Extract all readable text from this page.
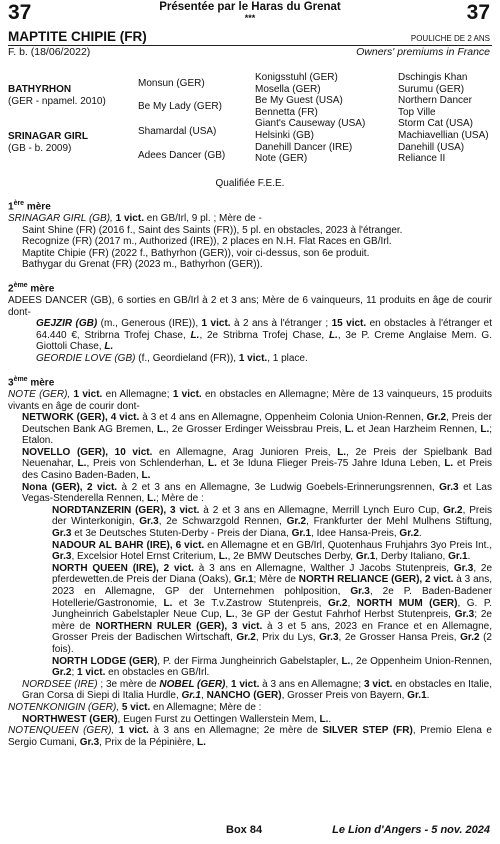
37	37
Présentée par le Haras du Grenat
***
MAPTITE CHIPIE (FR)	POULICHE DE 2 ANS
F. b. (18/06/2022)	Owners' premiums in France
BATHYRHON
(GER - npamel. 2010)
SRINAGAR GIRL
(GB - b. 2009)
Monsun (GER)
Be My Lady (GER)
Shamardal (USA)
Adees Dancer (GB)
Konigsstuhl (GER)
Mosella (GER)
Be My Guest (USA)
Bennetta (FR)
Giant's Causeway (USA)
Helsinki (GB)
Danehill Dancer (IRE)
Note (GER)
Dschingis Khan
Surumu (GER)
Northern Dancer
Top Ville
Storm Cat (USA)
Machiavellian (USA)
Danehill (USA)
Reliance II
Qualifiée F.E.E.

1ère mère

SRINAGAR GIRL (GB), 1 vict. en GB/Irl, 9 pl. ; Mère de -

Saint Shine (FR) (2016 f., Saint des Saints (FR)), 5 pl. en obstacles, 2023 à l'étranger.

Recognize (FR) (2017 m., Authorized (IRE)), 2 places en N.H. Flat Races en GB/Irl.

Maptite Chipie (FR) (2022 f., Bathyrhon (GER)), voir ci-dessus, son 6e produit.

Bathygar du Grenat (FR) (2023 m., Bathyrhon (GER)).

2ème mère

ADEES DANCER (GB), 6 sorties en GB/Irl à 2 et 3 ans; Mère de 6 vainqueurs, 11 produits en âge de courir dont-

GEJZIR (GB) (m., Generous (IRE)), 1 vict. à 2 ans à l'étranger ; 15 vict. en obstacles à l'étranger et 64.440 €, Stribrna Trofej Chase, L., 2e Stribrna Trofej Chase, L., 3e P. Creme Anglaise Mem. G. Giottoli Chase, L.

GEORDIE LOVE (GB) (f., Geordieland (FR)), 1 vict., 1 place.

3ème mère

NOTE (GER), 1 vict. en Allemagne; 1 vict. en obstacles en Allemagne; Mère de 13 vainqueurs, 15 produits vivants en âge de courir dont-

NETWORK (GER), 4 vict. à 3 et 4 ans en Allemagne, Oppenheim Colonia Union-Rennen, Gr.2, Preis der Deutschen Bank AG Bremen, L., 2e Grosser Erdinger Weissbrau Preis, L. et Jean Harzheim Rennen, L.; Etalon.

NOVELLO (GER), 10 vict. en Allemagne, Arag Junioren Preis, L., 2e Preis der Spielbank Bad Neuenahar, L., Preis von Schlenderhan, L. et 3e Iduna Flieger Preis-75 Jahre Iduna Leben, L. et Preis des Casino Baden-Baden, L.

Nona (GER), 2 vict. à 2 et 3 ans en Allemagne, 3e Ludwig Goebels-Erinnerungsrennen, Gr.3 et Las Vegas-Stenderella Rennen, L.; Mère de :

NORDTANZERIN (GER), 3 vict. à 2 et 3 ans en Allemagne, Merrill Lynch Euro Cup, Gr.2, Preis der Winterkonigin, Gr.3, 2e Schwarzgold Rennen, Gr.2, Frankfurter der Mehl Mulhens Stiftung, Gr.3 et 3e Deutsches Stuten-Derby - Preis der Diana, Gr.1, Idee Hansa-Preis, Gr.2.

NADOUR AL BAHR (IRE), 6 vict. en Allemagne et en GB/Irl, Quotenhaus Fruhjahrs 3yo Preis Int., Gr.3, Excelsior Hotel Ernst Criterium, L., 2e BMW Deutsches Derby, Gr.1, Derby Italiano, Gr.1.

NORTH QUEEN (IRE), 2 vict. à 3 ans en Allemagne, Walther J Jacobs Stutenpreis, Gr.3, 2e pferdewetten.de Preis der Diana (Oaks), Gr.1; Mère de NORTH RELIANCE (GER), 2 vict. à 3 ans, 2023 en Allemagne, GP der Unternehmen pohlposition, Gr.3, 2e P. Baden-Badener Hotellerie/Gastronomie, L. et 3e T.v.Zastrow Stutenpreis, Gr.2, NORTH MUM (GER), G. P. Jungheinrich Gabelstapler Neue Cup, L., 3e GP der Gestut Fahrhof Herbst Stutenpreis, Gr.3; 2e mère de NORTHERN RULER (GER), 3 vict. à 3 et 5 ans, 2023 en France et en Allemagne, Grosser Preis der Badischen Wirtschaft, Gr.2, Prix du Lys, Gr.3, 2e Grosser Hansa Preis, Gr.2 (2 fois).

NORTH LODGE (GER), P. der Firma Jungheinrich Gabelstapler, L., 2e Oppenheim Union-Rennen, Gr.2; 1 vict. en obstacles en GB/Irl.

NORDSEE (IRE) ; 3e mère de NOBEL (GER), 1 vict. à 3 ans en Allemagne; 3 vict. en obstacles en Italie, Gran Corsa di Siepi di Italia Hurdle, Gr.1, NANCHO (GER), Grosser Preis von Bayern, Gr.1.

NOTENKONIGIN (GER), 5 vict. en Allemagne; Mère de :

NORTHWEST (GER), Eugen Furst zu Oettingen Wallerstein Mem, L..

NOTENQUEEN (GER), 1 vict. à 3 ans en Allemagne; 2e mère de SILVER STEP (FR), Premio Elena e Sergio Cumani, Gr.3, Prix de la Pépinière, L.

Box 84	Le Lion d'Angers - 5 nov. 2024
